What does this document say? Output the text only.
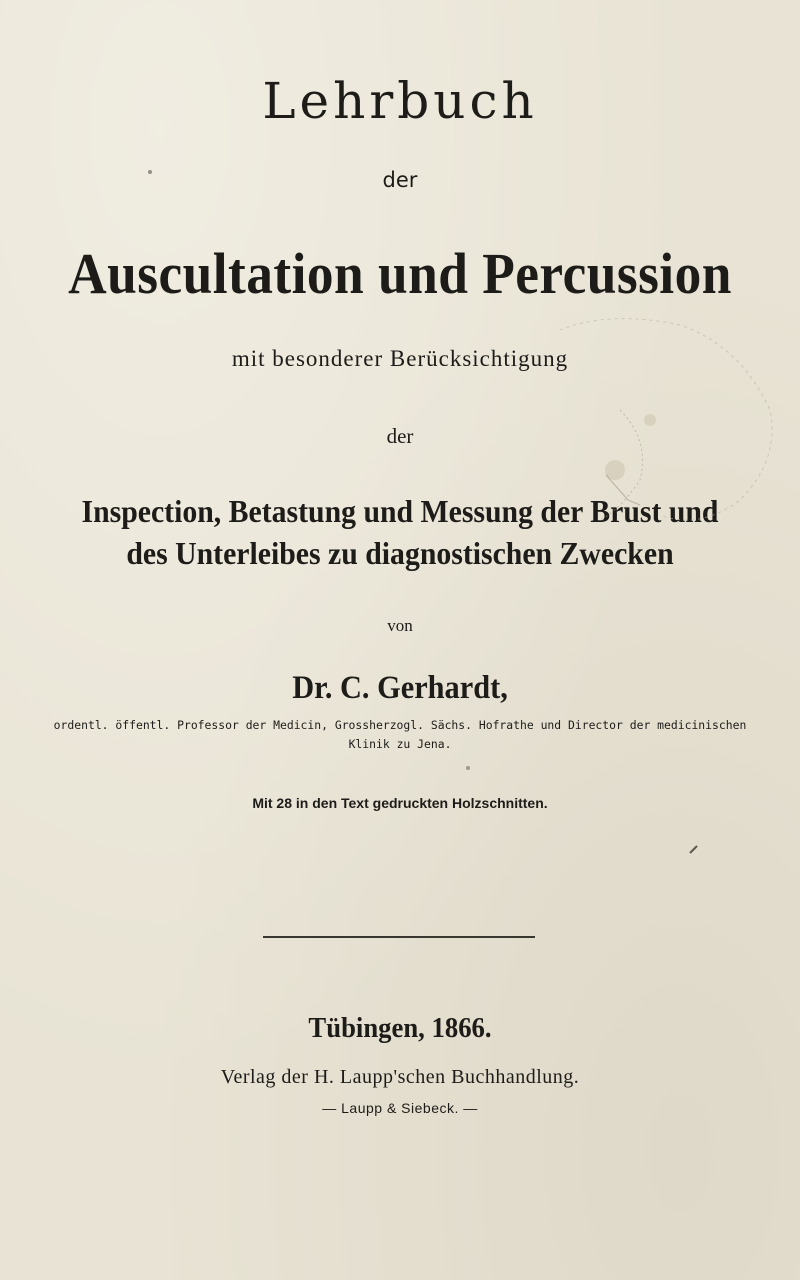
Lehrbuch
der
Auscultation und Percussion
mit besonderer Berücksichtigung
der
Inspection, Betastung und Messung der Brust und
des Unterleibes zu diagnostischen Zwecken
von
Dr. C. Gerhardt,
ordentl. öffentl. Professor der Medicin, Grossherzogl. Sächs. Hofrathe und Director der medicinischen
Klinik zu Jena.
Mit 28 in den Text gedruckten Holzschnitten.
Tübingen, 1866.
Verlag der H. Laupp'schen Buchhandlung.
— Laupp & Siebeck. —
